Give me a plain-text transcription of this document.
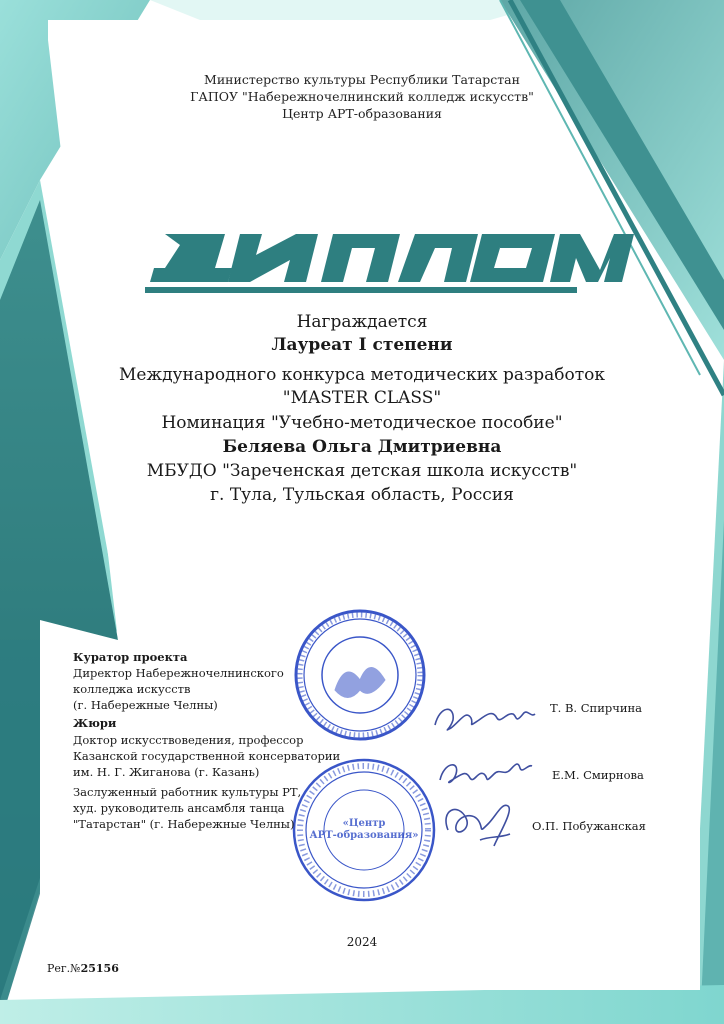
Министерство культуры Республики Татарстан
ГАПОУ "Набережночелнинский колледж искусств"
Центр АРТ-образования
Награждается
Лауреат I степени
Международного конкурса методических разработок
"MASTER CLASS"
Номинация "Учебно-методическое пособие"
Беляева Ольга Дмитриевна
МБУДО "Зареченская детская школа искусств"
г. Тула, Тульская область, Россия
Куратор проекта
Директор Набережночелнинского
колледжа искусств
(г. Набережные Челны)	Т. В. Спирчина
Жюри
Доктор искусствоведения, профессор
Казанской государственной консерватории
им. Н. Г. Жиганова (г. Казань)	Е.М. Смирнова
Заслуженный работник культуры РТ,
худ. руководитель ансамбля танца
"Татарстан" (г. Набережные Челны)	О.П. Побужанская
«Центр
АРТ-образования»
2024
Рег.№25156
